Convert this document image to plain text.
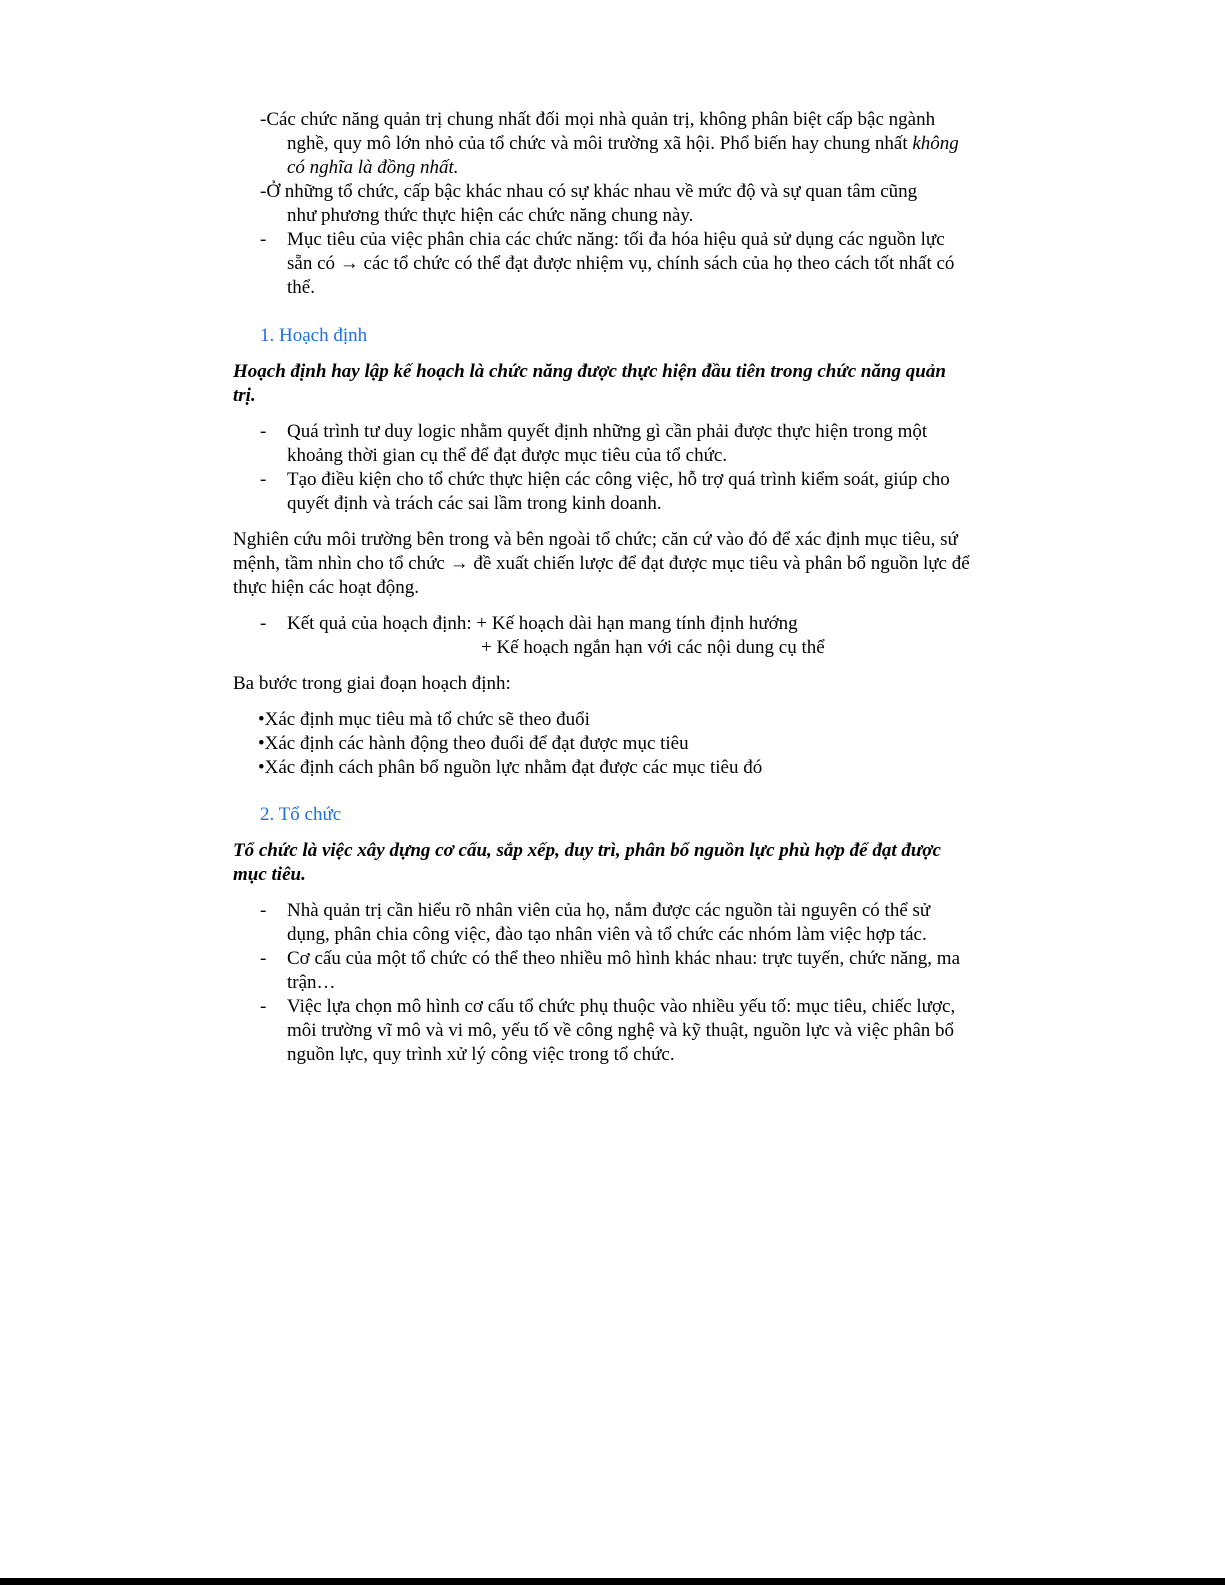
-Các chức năng quản trị chung nhất đối mọi nhà quản trị, không phân biệt cấp bậc ngành
nghề, quy mô lớn nhỏ của tổ chức và môi trường xã hội. Phổ biến hay chung nhất không
có nghĩa là đồng nhất.
-Ở những tổ chức, cấp bậc khác nhau có sự khác nhau về mức độ và sự quan tâm cũng
như phương thức thực hiện các chức năng chung này.
- Mục tiêu của việc phân chia các chức năng: tối đa hóa hiệu quả sử dụng các nguồn lực
sẵn có → các tổ chức có thể đạt được nhiệm vụ, chính sách của họ theo cách tốt nhất có
thể.
1. Hoạch định
Hoạch định hay lập kế hoạch là chức năng được thực hiện đầu tiên trong chức năng quản
trị.
- Quá trình tư duy logic nhằm quyết định những gì cần phải được thực hiện trong một
khoảng thời gian cụ thể để đạt được mục tiêu của tổ chức.
- Tạo điều kiện cho tổ chức thực hiện các công việc, hỗ trợ quá trình kiểm soát, giúp cho
quyết định và trách các sai lầm trong kinh doanh.
Nghiên cứu môi trường bên trong và bên ngoài tổ chức; căn cứ vào đó để xác định mục tiêu, sứ
mệnh, tầm nhìn cho tổ chức → đề xuất chiến lược để đạt được mục tiêu và phân bổ nguồn lực để
thực hiện các hoạt động.
- Kết quả của hoạch định: + Kế hoạch dài hạn mang tính định hướng
+ Kế hoạch ngắn hạn với các nội dung cụ thể
Ba bước trong giai đoạn hoạch định:
•Xác định mục tiêu mà tổ chức sẽ theo đuổi
•Xác định các hành động theo đuổi để đạt được mục tiêu
•Xác định cách phân bổ nguồn lực nhằm đạt được các mục tiêu đó
2. Tổ chức
Tổ chức là việc xây dựng cơ cấu, sắp xếp, duy trì, phân bổ nguồn lực phù hợp để đạt được
mục tiêu.
- Nhà quản trị cần hiểu rõ nhân viên của họ, nắm được các nguồn tài nguyên có thể sử
dụng, phân chia công việc, đào tạo nhân viên và tổ chức các nhóm làm việc hợp tác.
- Cơ cấu của một tổ chức có thể theo nhiều mô hình khác nhau: trực tuyến, chức năng, ma
trận…
- Việc lựa chọn mô hình cơ cấu tổ chức phụ thuộc vào nhiều yếu tố: mục tiêu, chiếc lược,
môi trường vĩ mô và vi mô, yếu tố về công nghệ và kỹ thuật, nguồn lực và việc phân bổ
nguồn lực, quy trình xử lý công việc trong tổ chức.
